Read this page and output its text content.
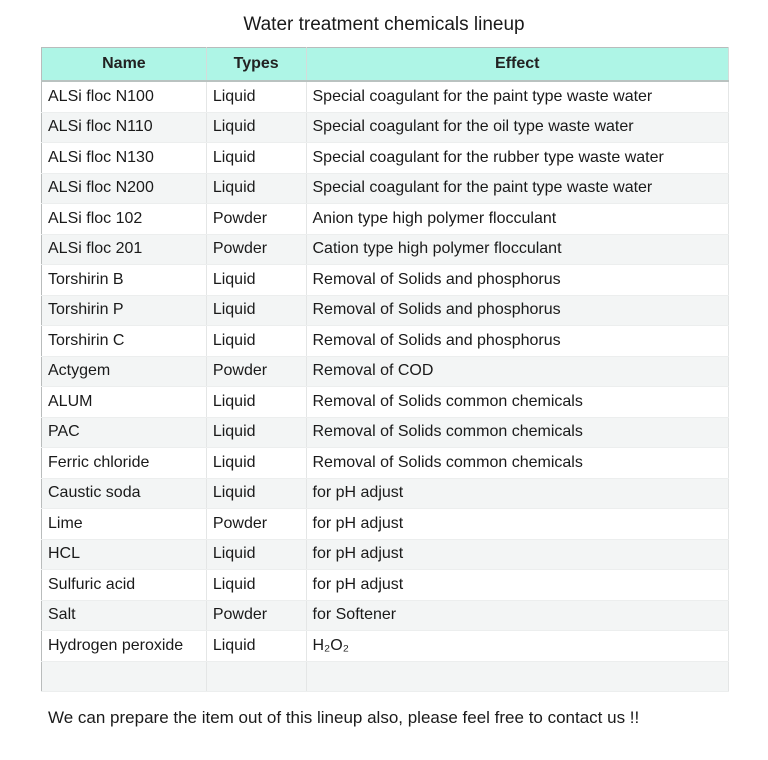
Water treatment chemicals lineup
Name	Types	Effect
ALSi floc N100	Liquid	Special coagulant for the paint type waste water
ALSi floc N110	Liquid	Special coagulant for the oil type waste water
ALSi floc N130	Liquid	Special coagulant for the rubber type waste water
ALSi floc N200	Liquid	Special coagulant for the paint type waste water
ALSi floc 102	Powder	Anion type high polymer flocculant
ALSi floc 201	Powder	Cation type high polymer flocculant
Torshirin B	Liquid	Removal of Solids and phosphorus
Torshirin P	Liquid	Removal of Solids and phosphorus
Torshirin C	Liquid	Removal of Solids and phosphorus
Actygem	Powder	Removal of COD
ALUM	Liquid	Removal of Solids common chemicals
PAC	Liquid	Removal of Solids common chemicals
Ferric chloride	Liquid	Removal of Solids common chemicals
Caustic soda	Liquid	for pH adjust
Lime	Powder	for pH adjust
HCL	Liquid	for pH adjust
Sulfuric acid	Liquid	for pH adjust
Salt	Powder	for Softener
Hydrogen peroxide	Liquid	H₂O₂

We can prepare the item out of this lineup also, please feel free to contact us !!
